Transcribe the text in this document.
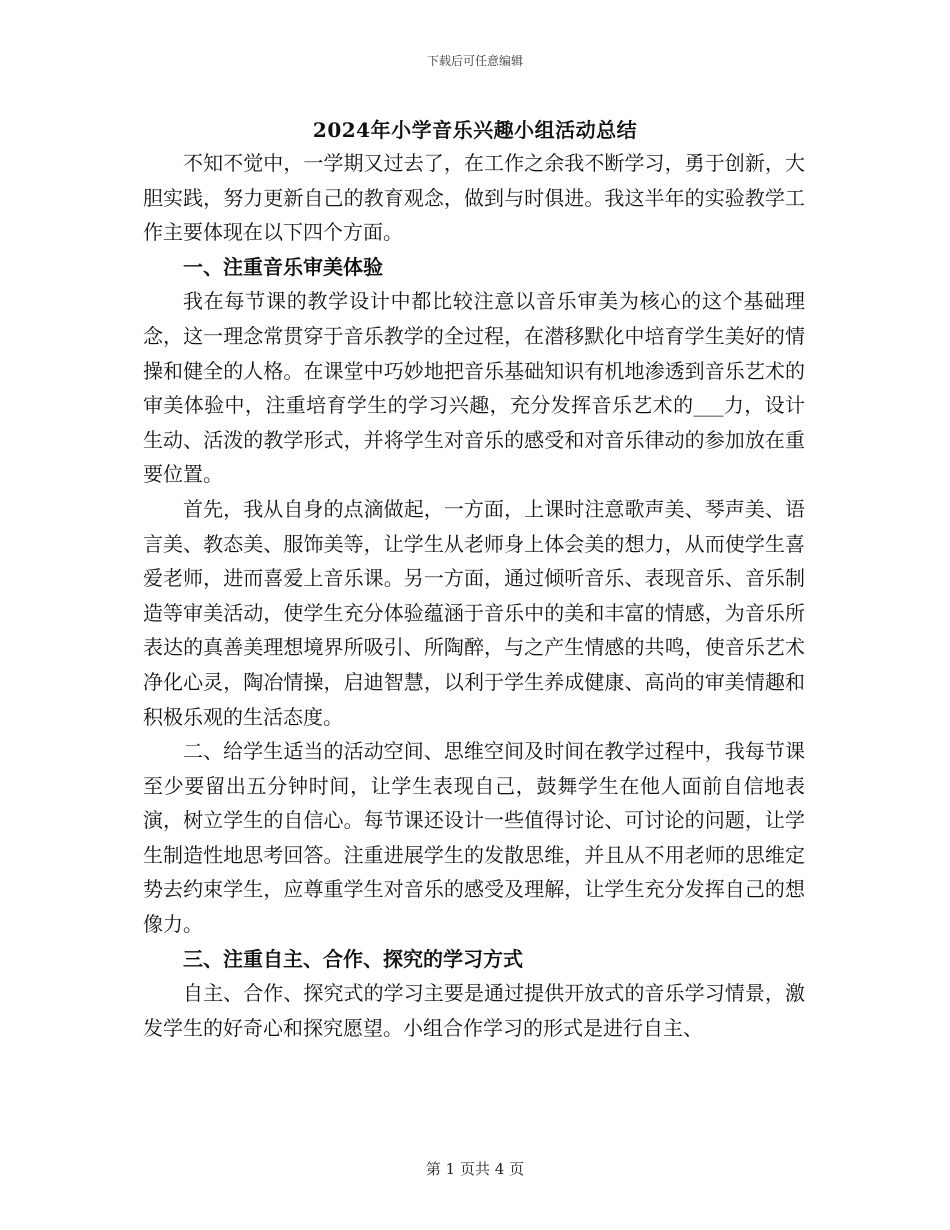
下载后可任意编辑
2024年小学音乐兴趣小组活动总结

不知不觉中，一学期又过去了，在工作之余我不断学习，勇于创新，大胆实践，努力更新自己的教育观念，做到与时俱进。我这半年的实验教学工作主要体现在以下四个方面。

一、注重音乐审美体验

我在每节课的教学设计中都比较注意以音乐审美为核心的这个基础理念，这一理念常贯穿于音乐教学的全过程，在潜移默化中培育学生美好的情操和健全的人格。在课堂中巧妙地把音乐基础知识有机地渗透到音乐艺术的审美体验中，注重培育学生的学习兴趣，充分发挥音乐艺术的___力，设计生动、活泼的教学形式，并将学生对音乐的感受和对音乐律动的参加放在重要位置。

首先，我从自身的点滴做起，一方面，上课时注意歌声美、琴声美、语言美、教态美、服饰美等，让学生从老师身上体会美的想力，从而使学生喜爱老师，进而喜爱上音乐课。另一方面，通过倾听音乐、表现音乐、音乐制造等审美活动，使学生充分体验蕴涵于音乐中的美和丰富的情感，为音乐所表达的真善美理想境界所吸引、所陶醉，与之产生情感的共鸣，使音乐艺术净化心灵，陶冶情操，启迪智慧，以利于学生养成健康、高尚的审美情趣和积极乐观的生活态度。

二、给学生适当的活动空间、思维空间及时间在教学过程中，我每节课至少要留出五分钟时间，让学生表现自己，鼓舞学生在他人面前自信地表演，树立学生的自信心。每节课还设计一些值得讨论、可讨论的问题，让学生制造性地思考回答。注重进展学生的发散思维，并且从不用老师的思维定势去约束学生，应尊重学生对音乐的感受及理解，让学生充分发挥自己的想像力。

三、注重自主、合作、探究的学习方式

自主、合作、探究式的学习主要是通过提供开放式的音乐学习情景，激发学生的好奇心和探究愿望。小组合作学习的形式是进行自主、

第 1 页共 4 页
